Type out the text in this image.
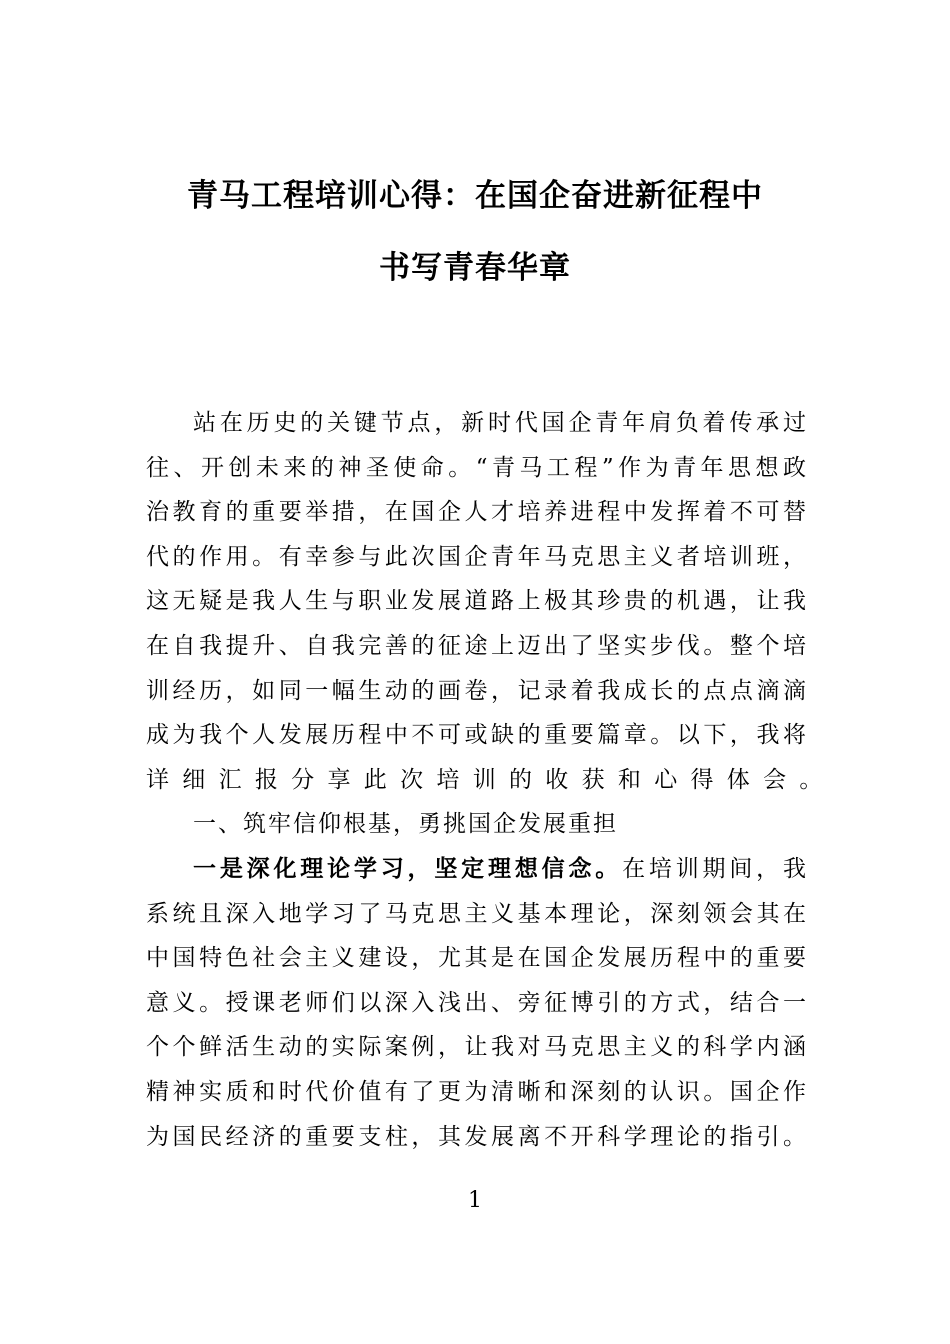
青马工程培训心得：在国企奋进新征程中
书写青春华章
站在历史的关键节点，新时代国企青年肩负着传承过
往、开创未来的神圣使命。“青马工程”作为青年思想政
治教育的重要举措，在国企人才培养进程中发挥着不可替
代的作用。有幸参与此次国企青年马克思主义者培训班，
这无疑是我人生与职业发展道路上极其珍贵的机遇，让我
在自我提升、自我完善的征途上迈出了坚实步伐。整个培
训经历，如同一幅生动的画卷，记录着我成长的点点滴滴
成为我个人发展历程中不可或缺的重要篇章。以下，我将
详细汇报分享此次培训的收获和心得体会。
一、筑牢信仰根基，勇挑国企发展重担
一是深化理论学习，坚定理想信念。在培训期间，我
系统且深入地学习了马克思主义基本理论，深刻领会其在
中国特色社会主义建设，尤其是在国企发展历程中的重要
意义。授课老师们以深入浅出、旁征博引的方式，结合一
个个鲜活生动的实际案例，让我对马克思主义的科学内涵
精神实质和时代价值有了更为清晰和深刻的认识。国企作
为国民经济的重要支柱，其发展离不开科学理论的指引。
1
